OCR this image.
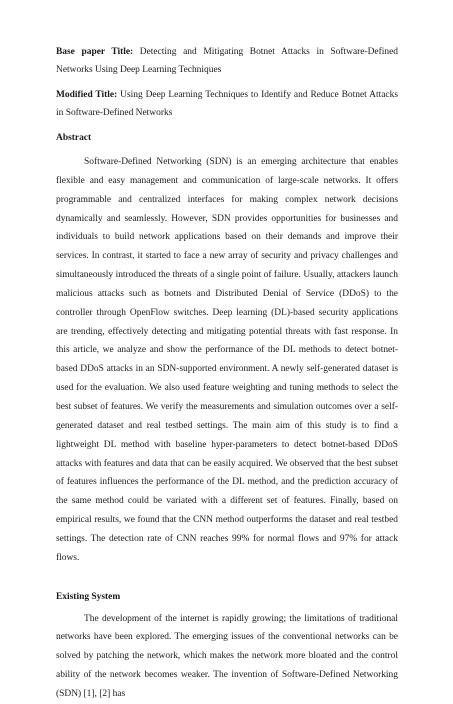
Base paper Title: Detecting and Mitigating Botnet Attacks in Software-Defined Networks Using Deep Learning Techniques

Modified Title: Using Deep Learning Techniques to Identify and Reduce Botnet Attacks in Software-Defined Networks

Abstract

Software-Defined Networking (SDN) is an emerging architecture that enables flexible and easy management and communication of large-scale networks. It offers programmable and centralized interfaces for making complex network decisions dynamically and seamlessly. However, SDN provides opportunities for businesses and individuals to build network applications based on their demands and improve their services. In contrast, it started to face a new array of security and privacy challenges and simultaneously introduced the threats of a single point of failure. Usually, attackers launch malicious attacks such as botnets and Distributed Denial of Service (DDoS) to the controller through OpenFlow switches. Deep learning (DL)-based security applications are trending, effectively detecting and mitigating potential threats with fast response. In this article, we analyze and show the performance of the DL methods to detect botnet-based DDoS attacks in an SDN-supported environment. A newly self-generated dataset is used for the evaluation. We also used feature weighting and tuning methods to select the best subset of features. We verify the measurements and simulation outcomes over a self-generated dataset and real testbed settings. The main aim of this study is to find a lightweight DL method with baseline hyper-parameters to detect botnet-based DDoS attacks with features and data that can be easily acquired. We observed that the best subset of features influences the performance of the DL method, and the prediction accuracy of the same method could be variated with a different set of features. Finally, based on empirical results, we found that the CNN method outperforms the dataset and real testbed settings. The detection rate of CNN reaches 99% for normal flows and 97% for attack flows.

Existing System

The development of the internet is rapidly growing; the limitations of traditional networks have been explored. The emerging issues of the conventional networks can be solved by patching the network, which makes the network more bloated and the control ability of the network becomes weaker. The invention of Software-Defined Networking (SDN) [1], [2] has
